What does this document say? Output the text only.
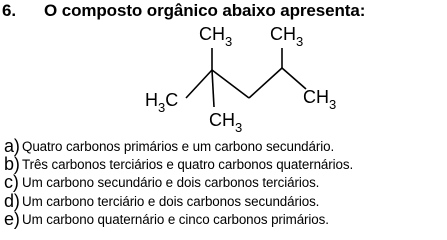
6. O composto orgânico abaixo apresenta:
$CH_3$ $CH_3$
$H_3C$	$CH_3$
$CH_3$
a) Quatro carbonos primários e um carbono secundário.
b) Três carbonos terciários e quatro carbonos quaternários.
c) Um carbono secundário e dois carbonos terciários.
d) Um carbono terciário e dois carbonos secundários.
e) Um carbono quaternário e cinco carbonos primários.
